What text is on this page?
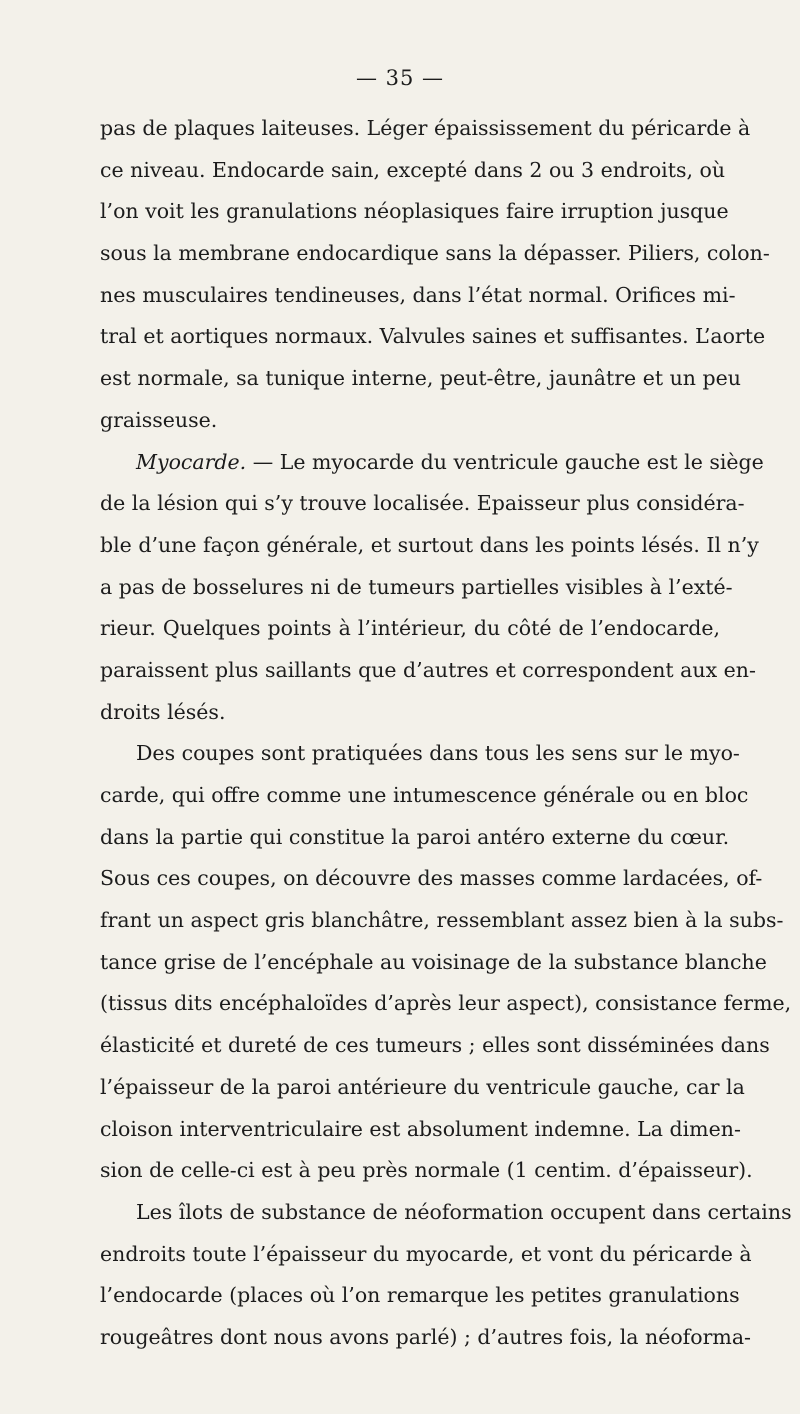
— 35 —
pas de plaques laiteuses. Léger épaississement du péricarde à
ce niveau. Endocarde sain, excepté dans 2 ou 3 endroits, où
l’on voit les granulations néoplasiques faire irruption jusque
sous la membrane endocardique sans la dépasser. Piliers, colon-
nes musculaires tendineuses, dans l’état normal. Orifices mi-
tral et aortiques normaux. Valvules saines et suffisantes. L’aorte
est normale, sa tunique interne, peut-être, jaunâtre et un peu
graisseuse.
Myocarde. — Le myocarde du ventricule gauche est le siège
de la lésion qui s’y trouve localisée. Epaisseur plus considéra-
ble d’une façon générale, et surtout dans les points lésés. Il n’y
a pas de bosselures ni de tumeurs partielles visibles à l’exté-
rieur. Quelques points à l’intérieur, du côté de l’endocarde,
paraissent plus saillants que d’autres et correspondent aux en-
droits lésés.
Des coupes sont pratiquées dans tous les sens sur le myo-
carde, qui offre comme une intumescence générale ou en bloc
dans la partie qui constitue la paroi antéro externe du cœur.
Sous ces coupes, on découvre des masses comme lardacées, of-
frant un aspect gris blanchâtre, ressemblant assez bien à la subs-
tance grise de l’encéphale au voisinage de la substance blanche
(tissus dits encéphaloïdes d’après leur aspect), consistance ferme,
élasticité et dureté de ces tumeurs ; elles sont disséminées dans
l’épaisseur de la paroi antérieure du ventricule gauche, car la
cloison interventriculaire est absolument indemne. La dimen-
sion de celle-ci est à peu près normale (1 centim. d’épaisseur).
Les îlots de substance de néoformation occupent dans certains
endroits toute l’épaisseur du myocarde, et vont du péricarde à
l’endocarde (places où l’on remarque les petites granulations
rougeâtres dont nous avons parlé) ; d’autres fois, la néoforma-
